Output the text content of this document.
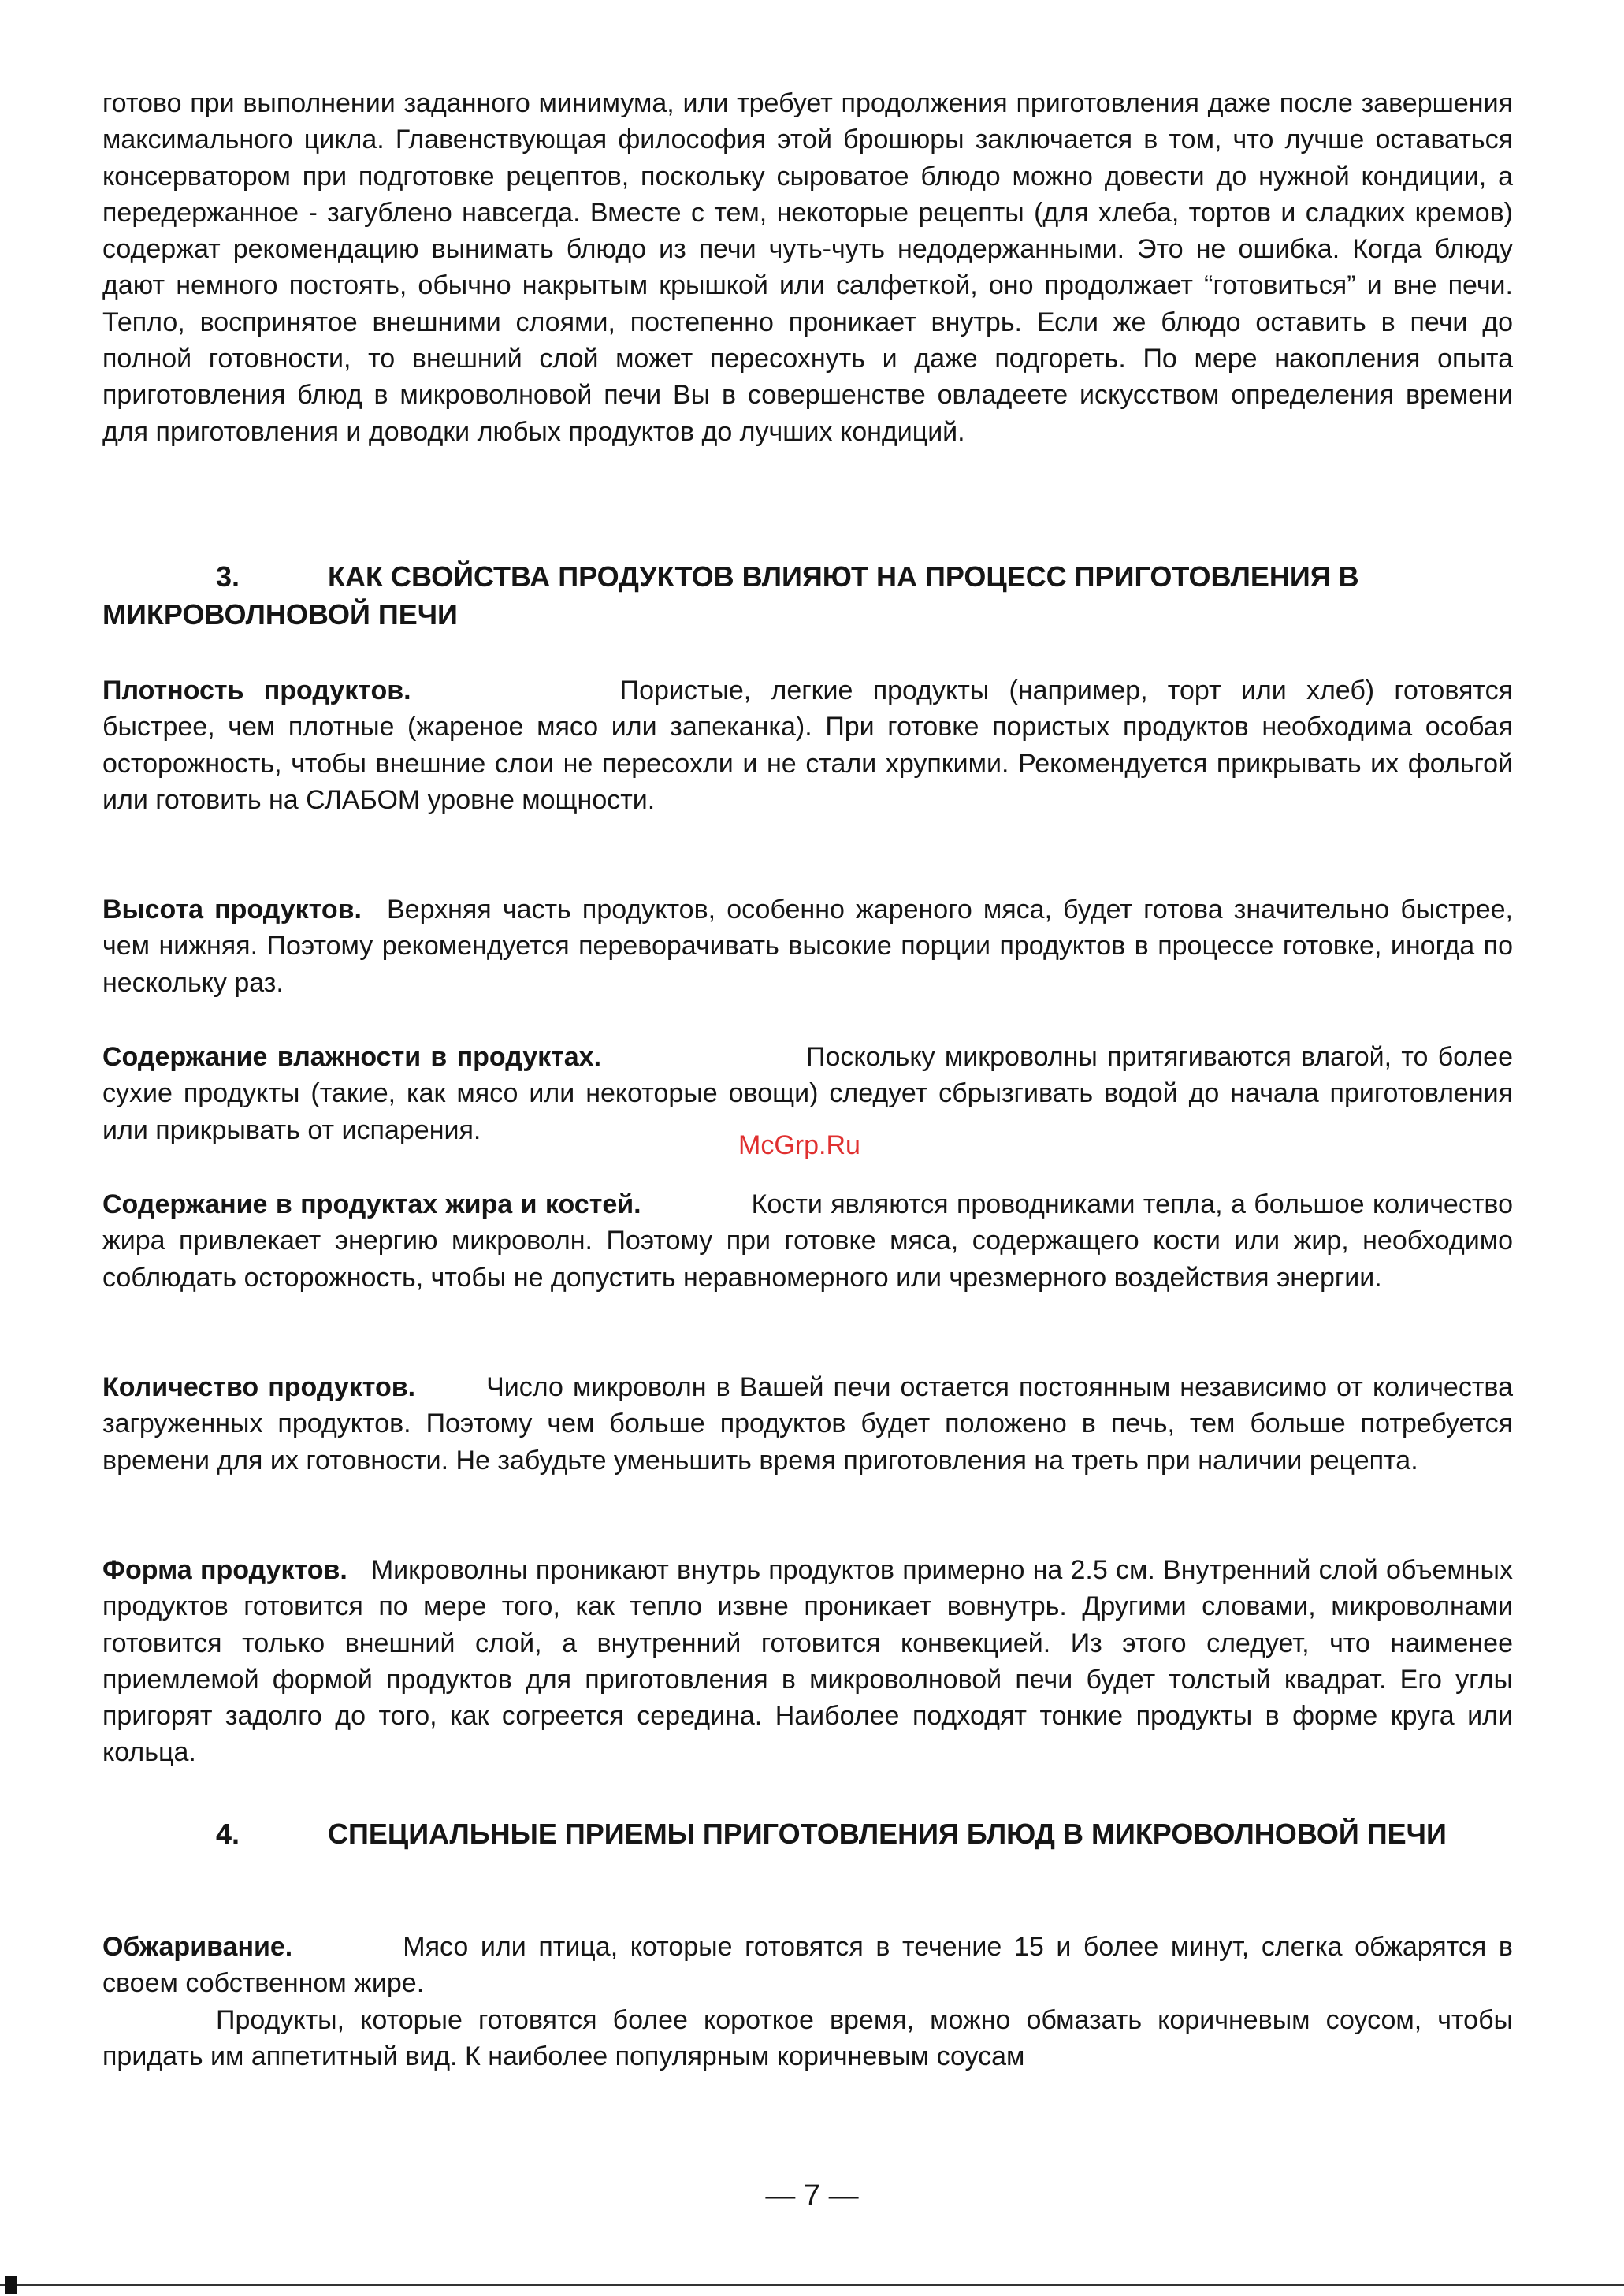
готово при выполнении заданного минимума, или требует продолжения приготовления даже после завершения максимального цикла. Главенствующая философия этой брошюры заключается в том, что лучше оставаться консерватором при подготовке рецептов, поскольку сыроватое блюдо можно довести до нужной кондиции, а передержанное - загублено навсегда. Вместе с тем, некоторые рецепты (для хлеба, тортов и сладких кремов) содержат рекомендацию вынимать блюдо из печи чуть-чуть недодержанными. Это не ошибка. Когда блюду дают немного постоять, обычно накрытым крышкой или салфеткой, оно продолжает “готовиться” и вне печи. Тепло, воспринятое внешними слоями, постепенно проникает внутрь. Если же блюдо оставить в печи до полной готовности, то внешний слой может пересохнуть и даже подгореть. По мере накопления опыта приготовления блюд в микроволновой печи Вы в совершенстве овладеете искусством определения времени для приготовления и доводки любых продуктов до лучших кондиций.

3.	КАК СВОЙСТВА ПРОДУКТОВ ВЛИЯЮТ НА ПРОЦЕСС ПРИГОТОВЛЕНИЯ В МИКРОВОЛНОВОЙ ПЕЧИ

Плотность продуктов.	Пористые, легкие продукты (например, торт или хлеб) готовятся быстрее, чем плотные (жареное мясо или запеканка). При готовке пористых продуктов необходима особая осторожность, чтобы внешние слои не пересохли и не стали хрупкими. Рекомендуется прикрывать их фольгой или готовить на СЛАБОМ уровне мощности.

Высота продуктов. Верхняя часть продуктов, особенно жареного мяса, будет готова значительно быстрее, чем нижняя. Поэтому рекомендуется переворачивать высокие порции продуктов в процессе готовке, иногда по нескольку раз.

Содержание влажности в продуктах.	Поскольку микроволны притягиваются влагой, то более сухие продукты (такие, как мясо или некоторые овощи) следует сбрызгивать водой до начала приготовления или прикрывать от испарения.

Содержание в продуктах жира и костей.	Кости являются проводниками тепла, а большое количество жира привлекает энергию микроволн. Поэтому при готовке мяса, содержащего кости или жир, необходимо соблюдать осторожность, чтобы не допустить неравномерного или чрезмерного воздействия энергии.

Количество продуктов.	Число микроволн в Вашей печи остается постоянным независимо от количества загруженных продуктов. Поэтому чем больше продуктов будет положено в печь, тем больше потребуется времени для их готовности. Не забудьте уменьшить время приготовления на треть при наличии рецепта.

Форма продуктов. Микроволны проникают внутрь продуктов примерно на 2.5 см. Внутренний слой объемных продуктов готовится по мере того, как тепло извне проникает вовнутрь. Другими словами, микроволнами готовится только внешний слой, а внутренний готовится конвекцией. Из этого следует, что наименее приемлемой формой продуктов для приготовления в микроволновой печи будет толстый квадрат. Его углы пригорят задолго до того, как согреется середина. Наиболее подходят тонкие продукты в форме круга или кольца.

4.	СПЕЦИАЛЬНЫЕ ПРИЕМЫ ПРИГОТОВЛЕНИЯ БЛЮД В МИКРОВОЛНОВОЙ ПЕЧИ

Обжаривание.	Мясо или птица, которые готовятся в течение 15 и более минут, слегка обжарятся в своем собственном жире.
Продукты, которые готовятся более короткое время, можно обмазать коричневым соусом, чтобы придать им аппетитный вид. К наиболее популярным коричневым соусам

McGrp.Ru
— 7 —
